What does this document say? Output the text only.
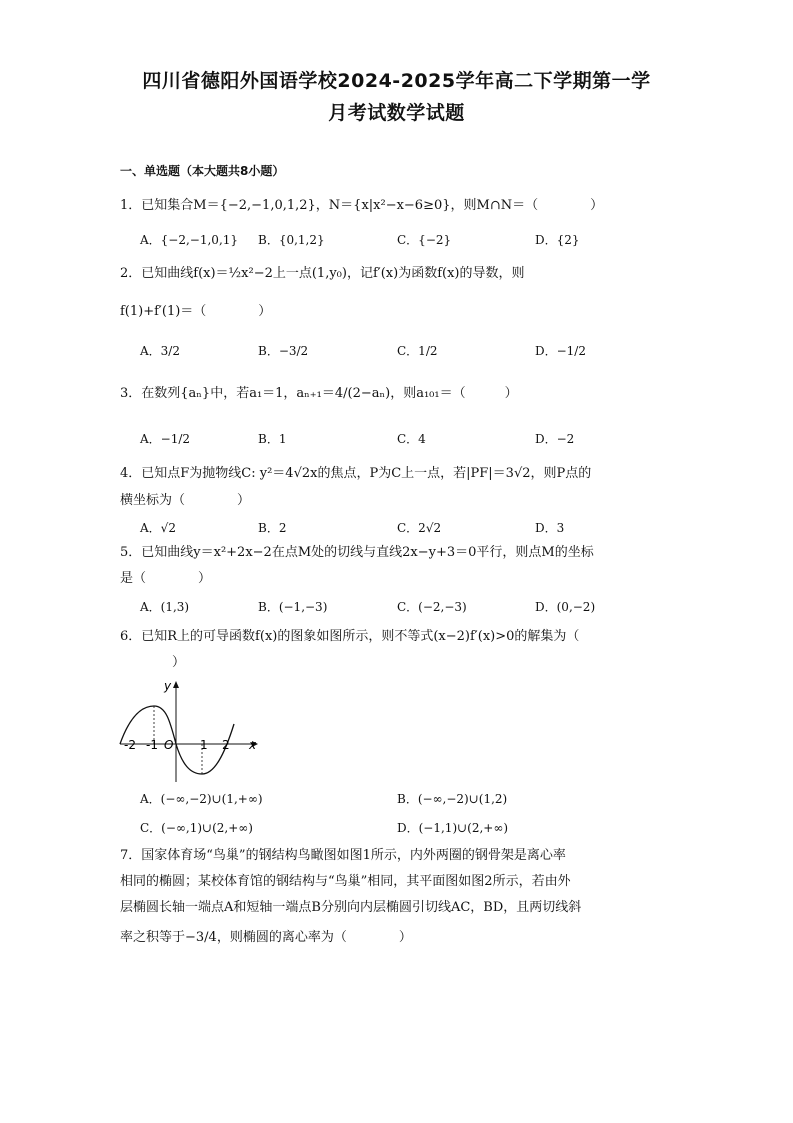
四川省德阳外国语学校2024-2025学年高二下学期第一学
月考试数学试题
一、单选题（本大题共8小题）
1．已知集合M＝{−2,−1,0,1,2}，N＝{x|x²−x−6≥0}，则M∩N＝（　　　　）
A．{−2,−1,0,1} B．{0,1,2}	C．{−2}	D．{2}
2．已知曲线f(x)＝½x²−2上一点(1,y₀)，记f′(x)为函数f(x)的导数，则
f(1)+f′(1)＝（　　　　）
A．3/2	B．−3/2	C．1/2	D．−1/2
3．在数列{aₙ}中，若a₁＝1，aₙ₊₁＝4/(2−aₙ)，则a₁₀₁＝（　　　）
A．−1/2	B．1	C．4	D．−2
4．已知点F为抛物线C: y²＝4√2x的焦点，P为C上一点，若|PF|＝3√2，则P点的
横坐标为（　　　　）
A．√2	B．2	C．2√2	D．3
5．已知曲线y＝x²+2x−2在点M处的切线与直线2x−y+3＝0平行，则点M的坐标
是（　　　　）
A．(1,3)	B．(−1,−3)	C．(−2,−3)	D．(0,−2)
6．已知R上的可导函数f(x)的图象如图所示，则不等式(x−2)f′(x)>0的解集为（
　　　　）
y
x
-2 -1 O 1 2
A．(−∞,−2)∪(1,+∞)	B．(−∞,−2)∪(1,2)
C．(−∞,1)∪(2,+∞)	D．(−1,1)∪(2,+∞)
7．国家体育场“鸟巢”的钢结构鸟瞰图如图1所示，内外两圈的钢骨架是离心率
相同的椭圆；某校体育馆的钢结构与“鸟巢”相同，其平面图如图2所示，若由外
层椭圆长轴一端点A和短轴一端点B分别向内层椭圆引切线AC，BD，且两切线斜
率之积等于−3/4，则椭圆的离心率为（　　　　）
